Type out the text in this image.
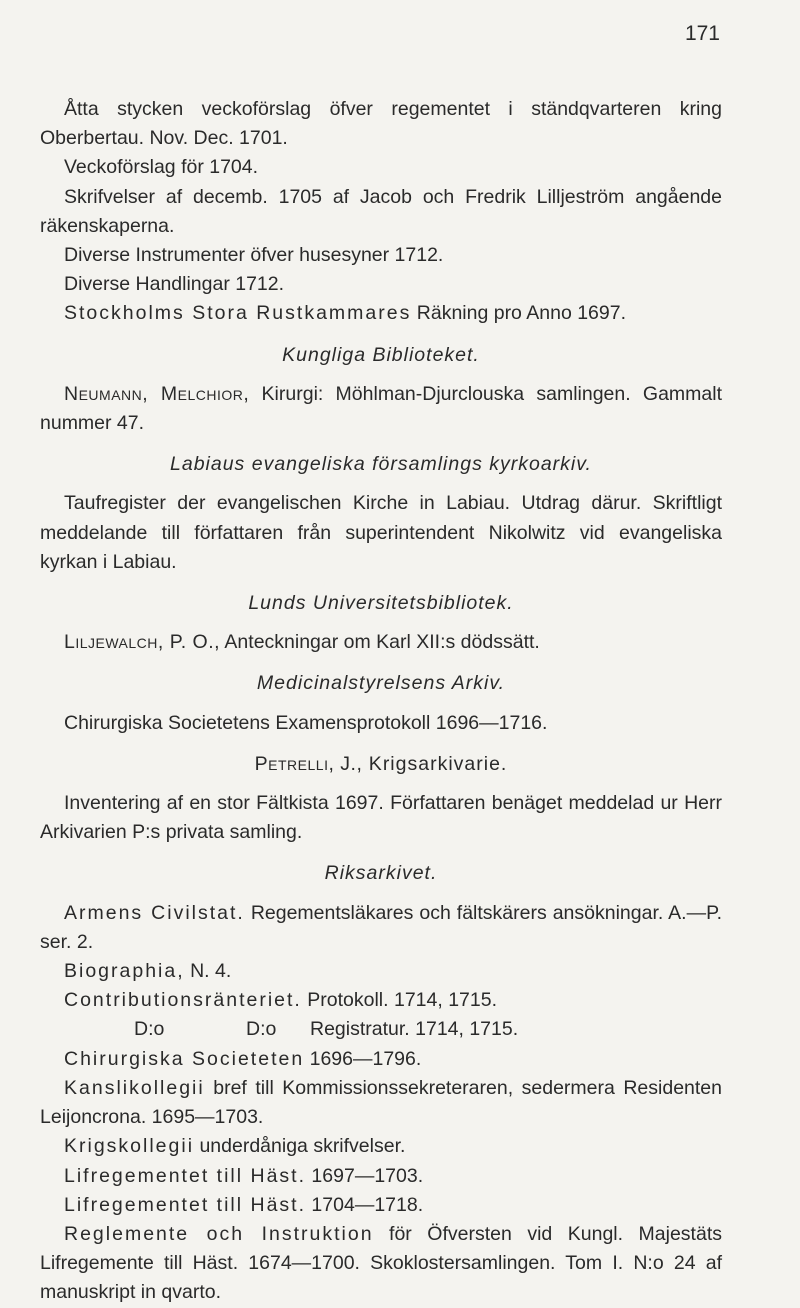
171

Åtta stycken veckoförslag öfver regementet i ständqvarteren kring Oberbertau. Nov. Dec. 1701.

Veckoförslag för 1704.

Skrifvelser af decemb. 1705 af Jacob och Fredrik Lilljeström angående räkenskaperna.

Diverse Instrumenter öfver husesyner 1712.

Diverse Handlingar 1712.

Stockholms Stora Rustkammares Räkning pro Anno 1697.

Kungliga Biblioteket.

Neumann, Melchior, Kirurgi: Möhlman-Djurclouska samlingen. Gammalt nummer 47.

Labiaus evangeliska församlings kyrkoarkiv.

Taufregister der evangelischen Kirche in Labiau. Utdrag därur. Skriftligt meddelande till författaren från superintendent Nikolwitz vid evangeliska kyrkan i Labiau.

Lunds Universitetsbibliotek.

Liljewalch, P. O., Anteckningar om Karl XII:s dödssätt.

Medicinalstyrelsens Arkiv.

Chirurgiska Societetens Examensprotokoll 1696—1716.

Petrelli, J., Krigsarkivarie.

Inventering af en stor Fältkista 1697. Författaren benäget meddelad ur Herr Arkivarien P:s privata samling.

Riksarkivet.

Armens Civilstat. Regementsläkares och fältskärers ansökningar. A.—P. ser. 2.

Biographia, N. 4.

Contributionsränteriet. Protokoll. 1714, 1715.

D:o	D:o Registratur. 1714, 1715.

Chirurgiska Societeten 1696—1796.

Kanslikollegii bref till Kommissionssekreteraren, sedermera Residenten Leijoncrona. 1695—1703.

Krigskollegii underdåniga skrifvelser.

Lifregementet till Häst. 1697—1703.

Lifregementet till Häst. 1704—1718.

Reglemente och Instruktion för Öfversten vid Kungl. Majestäts Lifregemente till Häst. 1674—1700. Skoklostersamlingen. Tom I. N:o 24 af manuskript in qvarto.
